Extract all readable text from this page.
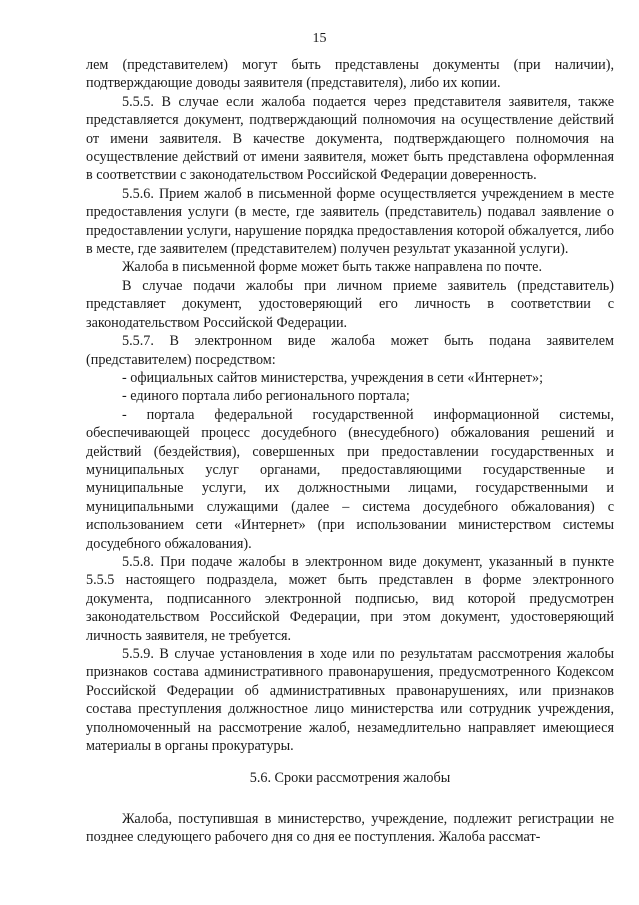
15

лем (представителем) могут быть представлены документы (при наличии), подтверждающие доводы заявителя (представителя), либо их копии.

5.5.5. В случае если жалоба подается через представителя заявителя, также представляется документ, подтверждающий полномочия на осуществление действий от имени заявителя. В качестве документа, подтверждающего полномочия на осуществление действий от имени заявителя, может быть представлена оформленная в соответствии с законодательством Российской Федерации доверенность.

5.5.6. Прием жалоб в письменной форме осуществляется учреждением в месте предоставления услуги (в месте, где заявитель (представитель) подавал заявление о предоставлении услуги, нарушение порядка предоставления которой обжалуется, либо в месте, где заявителем (представителем) получен результат указанной услуги).

Жалоба в письменной форме может быть также направлена по почте.

В случае подачи жалобы при личном приеме заявитель (представитель) представляет документ, удостоверяющий его личность в соответствии с законодательством Российской Федерации.

5.5.7. В электронном виде жалоба может быть подана заявителем (представителем) посредством:

- официальных сайтов министерства, учреждения в сети «Интернет»;

- единого портала либо регионального портала;

- портала федеральной государственной информационной системы, обеспечивающей процесс досудебного (внесудебного) обжалования решений и действий (бездействия), совершенных при предоставлении государственных и муниципальных услуг органами, предоставляющими государственные и муниципальные услуги, их должностными лицами, государственными и муниципальными служащими (далее – система досудебного обжалования) с использованием сети «Интернет» (при использовании министерством системы досудебного обжалования).

5.5.8. При подаче жалобы в электронном виде документ, указанный в пункте 5.5.5 настоящего подраздела, может быть представлен в форме электронного документа, подписанного электронной подписью, вид которой предусмотрен законодательством Российской Федерации, при этом документ, удостоверяющий личность заявителя, не требуется.

5.5.9. В случае установления в ходе или по результатам рассмотрения жалобы признаков состава административного правонарушения, предусмотренного Кодексом Российской Федерации об административных правонарушениях, или признаков состава преступления должностное лицо министерства или сотрудник учреждения, уполномоченный на рассмотрение жалоб, незамедлительно направляет имеющиеся материалы в органы прокуратуры.

5.6. Сроки рассмотрения жалобы

Жалоба, поступившая в министерство, учреждение, подлежит регистрации не позднее следующего рабочего дня со дня ее поступления. Жалоба рассмат-
